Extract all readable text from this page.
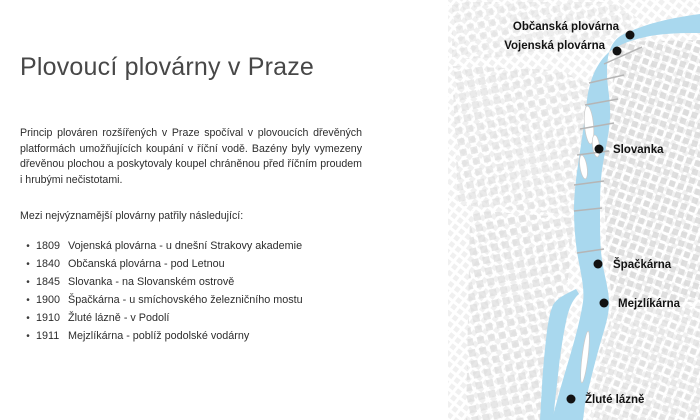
Plovoucí plovárny v Praze

Princip plováren rozšířených v Praze spočíval v plovoucích dřevěných platformách umožňujících koupání v říční vodě. Bazény byly vymezeny dřevěnou plochou a poskytovaly koupel chráněnou před říčním proudem i hrubými nečistotami.

Mezi nejvýznamější plovárny patřily následující:

• 1809 Vojenská plovárna - u dnešní Strakovy akademie
• 1840 Občanská plovárna - pod Letnou
• 1845 Slovanka - na Slovanském ostrově
• 1900 Špačkárna - u smíchovského železničního mostu
• 1910 Žluté lázně - v Podolí
• 1911 Mejzlíkárna - poblíž podolské vodárny
Občanská plovárna
Vojenská plovárna
Slovanka
Špačkárna
Mejzlíkárna
Žluté lázně
